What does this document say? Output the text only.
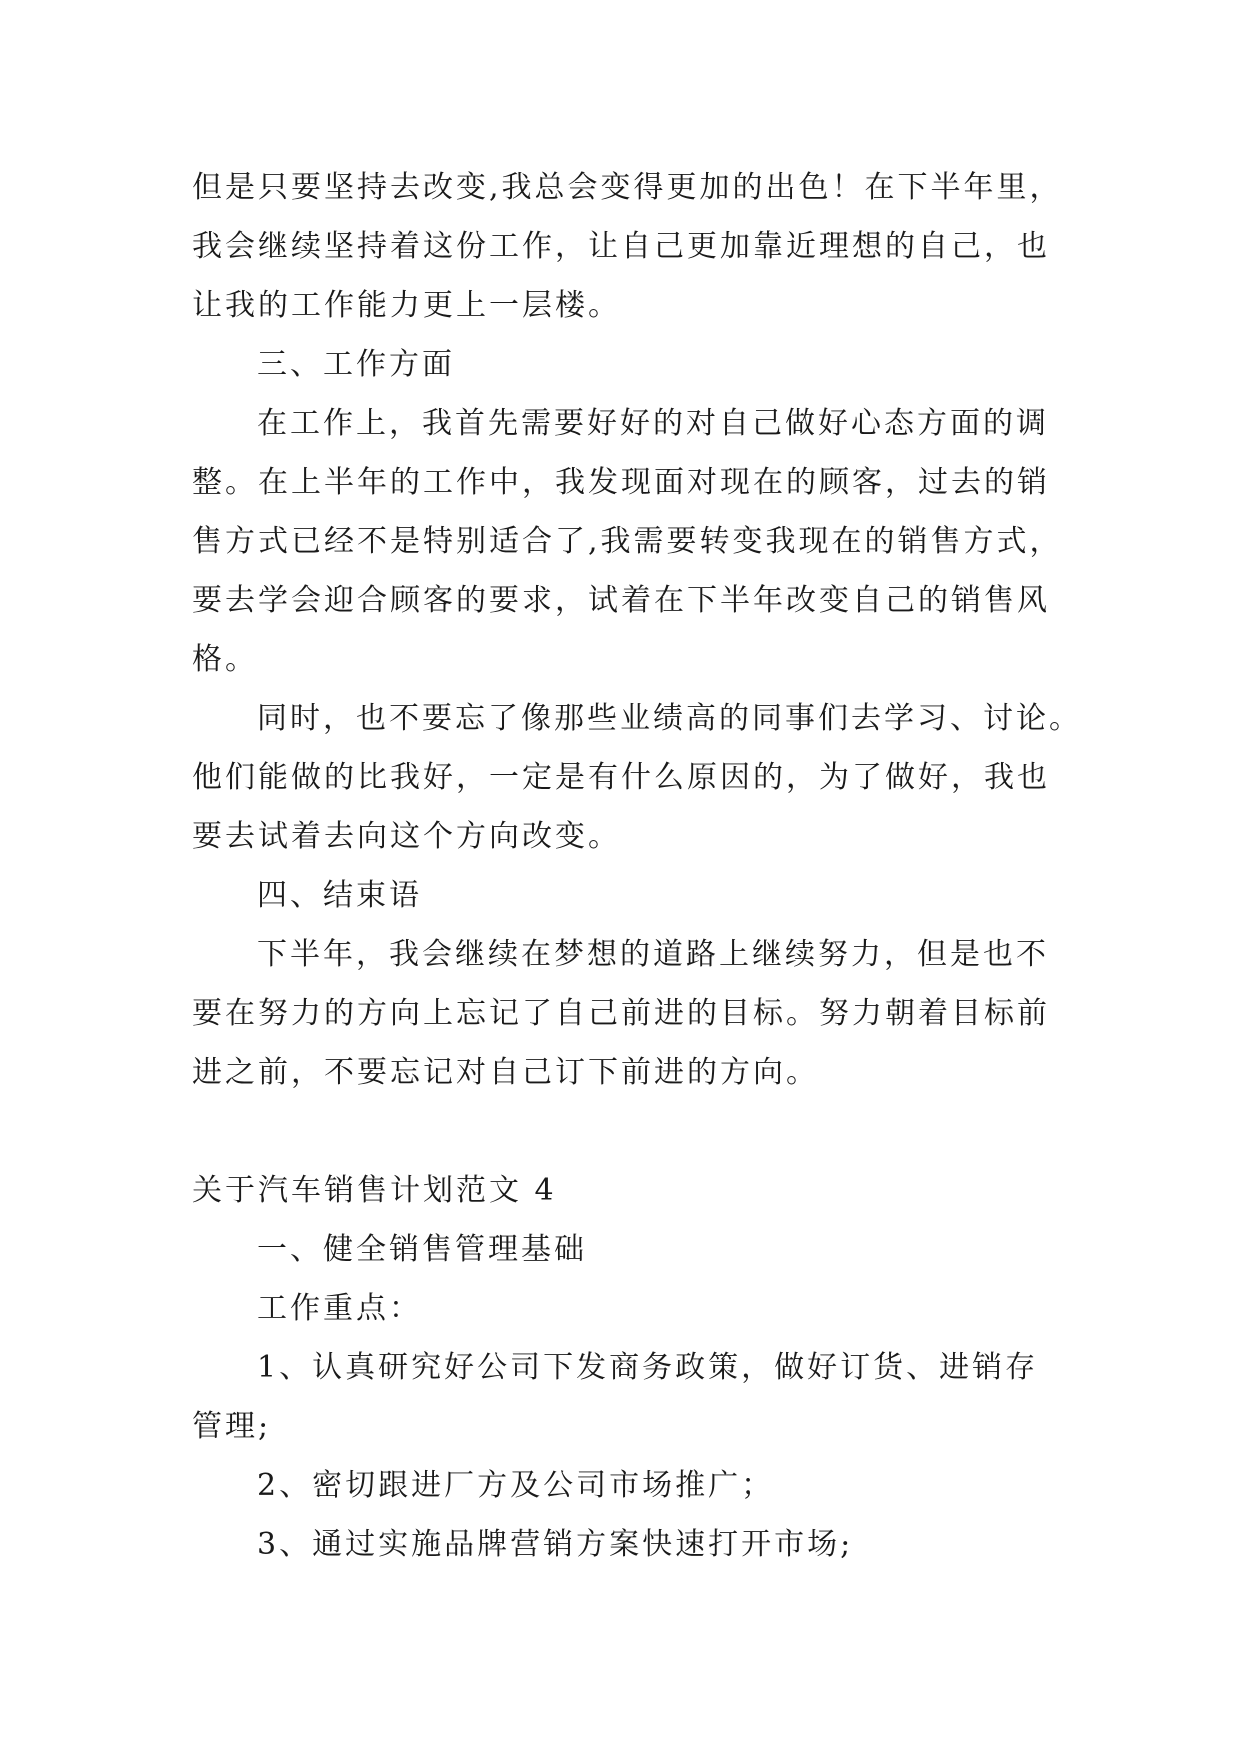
但是只要坚持去改变,我总会变得更加的出色！在下半年里，
我会继续坚持着这份工作，让自己更加靠近理想的自己，也
让我的工作能力更上一层楼。
三、工作方面
在工作上，我首先需要好好的对自己做好心态方面的调
整。在上半年的工作中，我发现面对现在的顾客，过去的销
售方式已经不是特别适合了,我需要转变我现在的销售方式，
要去学会迎合顾客的要求，试着在下半年改变自己的销售风
格。
同时，也不要忘了像那些业绩高的同事们去学习、讨论。
他们能做的比我好，一定是有什么原因的，为了做好，我也
要去试着去向这个方向改变。
四、结束语
下半年，我会继续在梦想的道路上继续努力，但是也不
要在努力的方向上忘记了自己前进的目标。努力朝着目标前
进之前，不要忘记对自己订下前进的方向。
关于汽车销售计划范文 4
一、健全销售管理基础
工作重点：
1、认真研究好公司下发商务政策，做好订货、进销存
管理;
2、密切跟进厂方及公司市场推广；
3、通过实施品牌营销方案快速打开市场;
